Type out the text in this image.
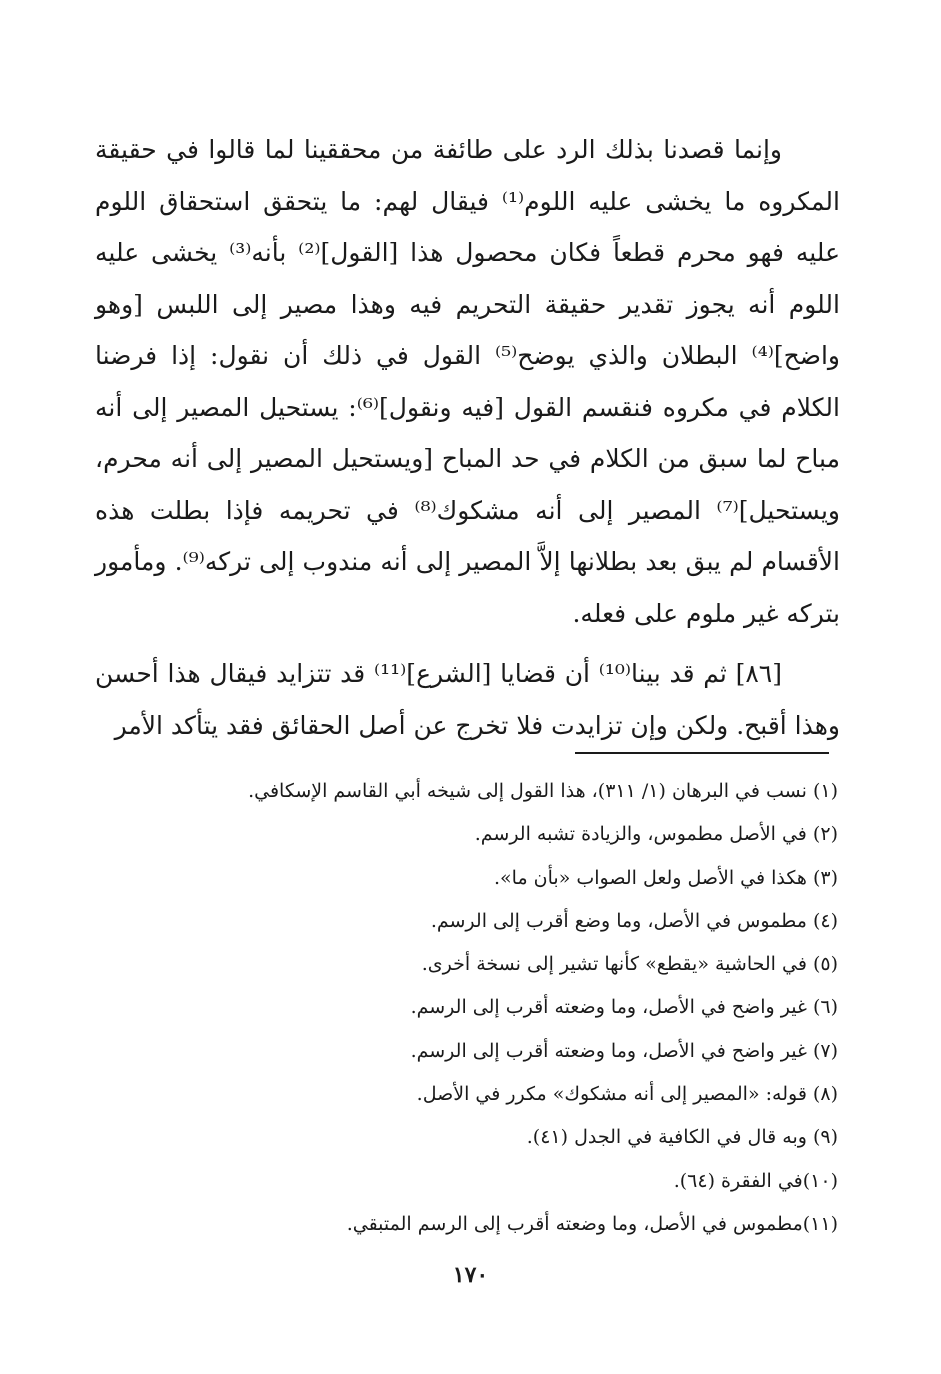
وإنما قصدنا بذلك الرد على طائفة من محققينا لما قالوا في حقيقة المكروه ما يخشى عليه اللوم⁽¹⁾ فيقال لهم: ما يتحقق استحقاق اللوم عليه فهو محرم قطعاً فكان محصول هذا [القول]⁽²⁾ بأنه⁽³⁾ يخشى عليه اللوم أنه يجوز تقدير حقيقة التحريم فيه وهذا مصير إلى اللبس [وهو واضح]⁽⁴⁾ البطلان والذي يوضح⁽⁵⁾ القول في ذلك أن نقول: إذا فرضنا الكلام في مكروه فنقسم القول [فيه ونقول]⁽⁶⁾: يستحيل المصير إلى أنه مباح لما سبق من الكلام في حد المباح [ويستحيل المصير إلى أنه محرم، ويستحيل]⁽⁷⁾ المصير إلى أنه مشكوك⁽⁸⁾ في تحريمه فإذا بطلت هذه الأقسام لم يبق بعد بطلانها إلاَّ المصير إلى أنه مندوب إلى تركه⁽⁹⁾. ومأمور بتركه غير ملوم على فعله.

[٨٦] ثم قد بينا⁽¹⁰⁾ أن قضايا [الشرع]⁽¹¹⁾ قد تتزايد فيقال هذا أحسن وهذا أقبح. ولكن وإن تزايدت فلا تخرج عن أصل الحقائق فقد يتأكد الأمر

(١) نسب في البرهان (١/ ٣١١)، هذا القول إلى شيخه أبي القاسم الإسكافي.
(٢) في الأصل مطموس، والزيادة تشبه الرسم.
(٣) هكذا في الأصل ولعل الصواب «بأن ما».
(٤) مطموس في الأصل، وما وضع أقرب إلى الرسم.
(٥) في الحاشية «يقطع» كأنها تشير إلى نسخة أخرى.
(٦) غير واضح في الأصل، وما وضعته أقرب إلى الرسم.
(٧) غير واضح في الأصل، وما وضعته أقرب إلى الرسم.
(٨) قوله: «المصير إلى أنه مشكوك» مكرر في الأصل.
(٩) وبه قال في الكافية في الجدل (٤١).
(١٠)في الفقرة (٦٤).
(١١)مطموس في الأصل، وما وضعته أقرب إلى الرسم المتبقي.
١٧٠
